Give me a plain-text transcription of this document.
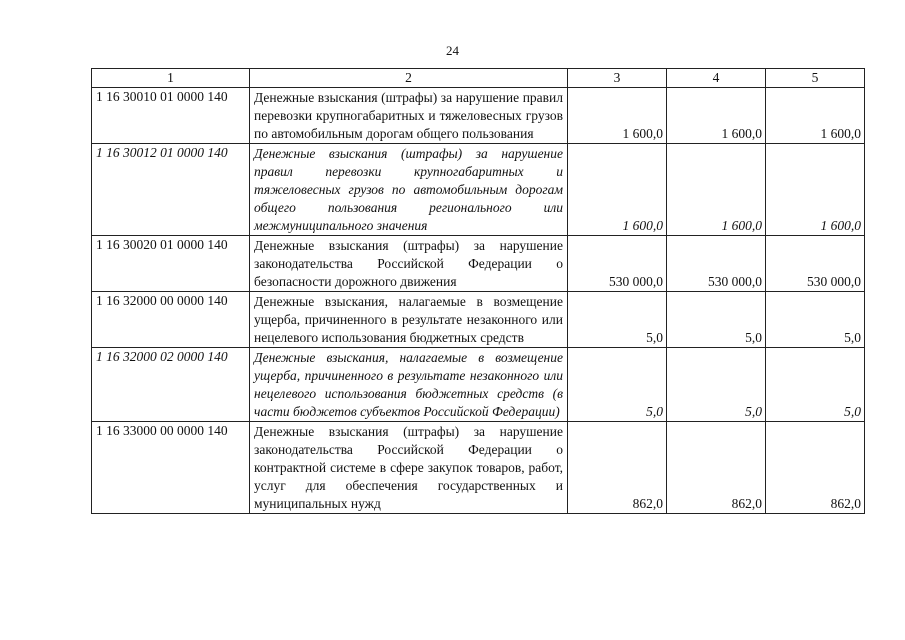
24
1	2	3	4	5
1 16 30010 01 0000 140	Денежные взыскания (штрафы) за нарушение правил перевозки крупногабаритных и тяжеловесных грузов по автомобильным дорогам общего пользования	1 600,0	1 600,0	1 600,0
1 16 30012 01 0000 140	Денежные взыскания (штрафы) за нарушение правил перевозки крупногабаритных и тяжеловесных грузов по автомобильным дорогам общего пользования регионального или межмуниципального значения	1 600,0	1 600,0	1 600,0
1 16 30020 01 0000 140	Денежные взыскания (штрафы) за нарушение законодательства Российской Федерации о безопасности дорожного движения	530 000,0	530 000,0	530 000,0
1 16 32000 00 0000 140	Денежные взыскания, налагаемые в возмещение ущерба, причиненного в результате незаконного или нецелевого использования бюджетных средств	5,0	5,0	5,0
1 16 32000 02 0000 140	Денежные взыскания, налагаемые в возмещение ущерба, причиненного в результате незаконного или нецелевого использования бюджетных средств (в части бюджетов субъектов Российской Федерации)	5,0	5,0	5,0
1 16 33000 00 0000 140	Денежные взыскания (штрафы) за нарушение законодательства Российской Федерации о контрактной системе в сфере закупок товаров, работ, услуг для обеспечения государственных и муниципальных нужд	862,0	862,0	862,0
